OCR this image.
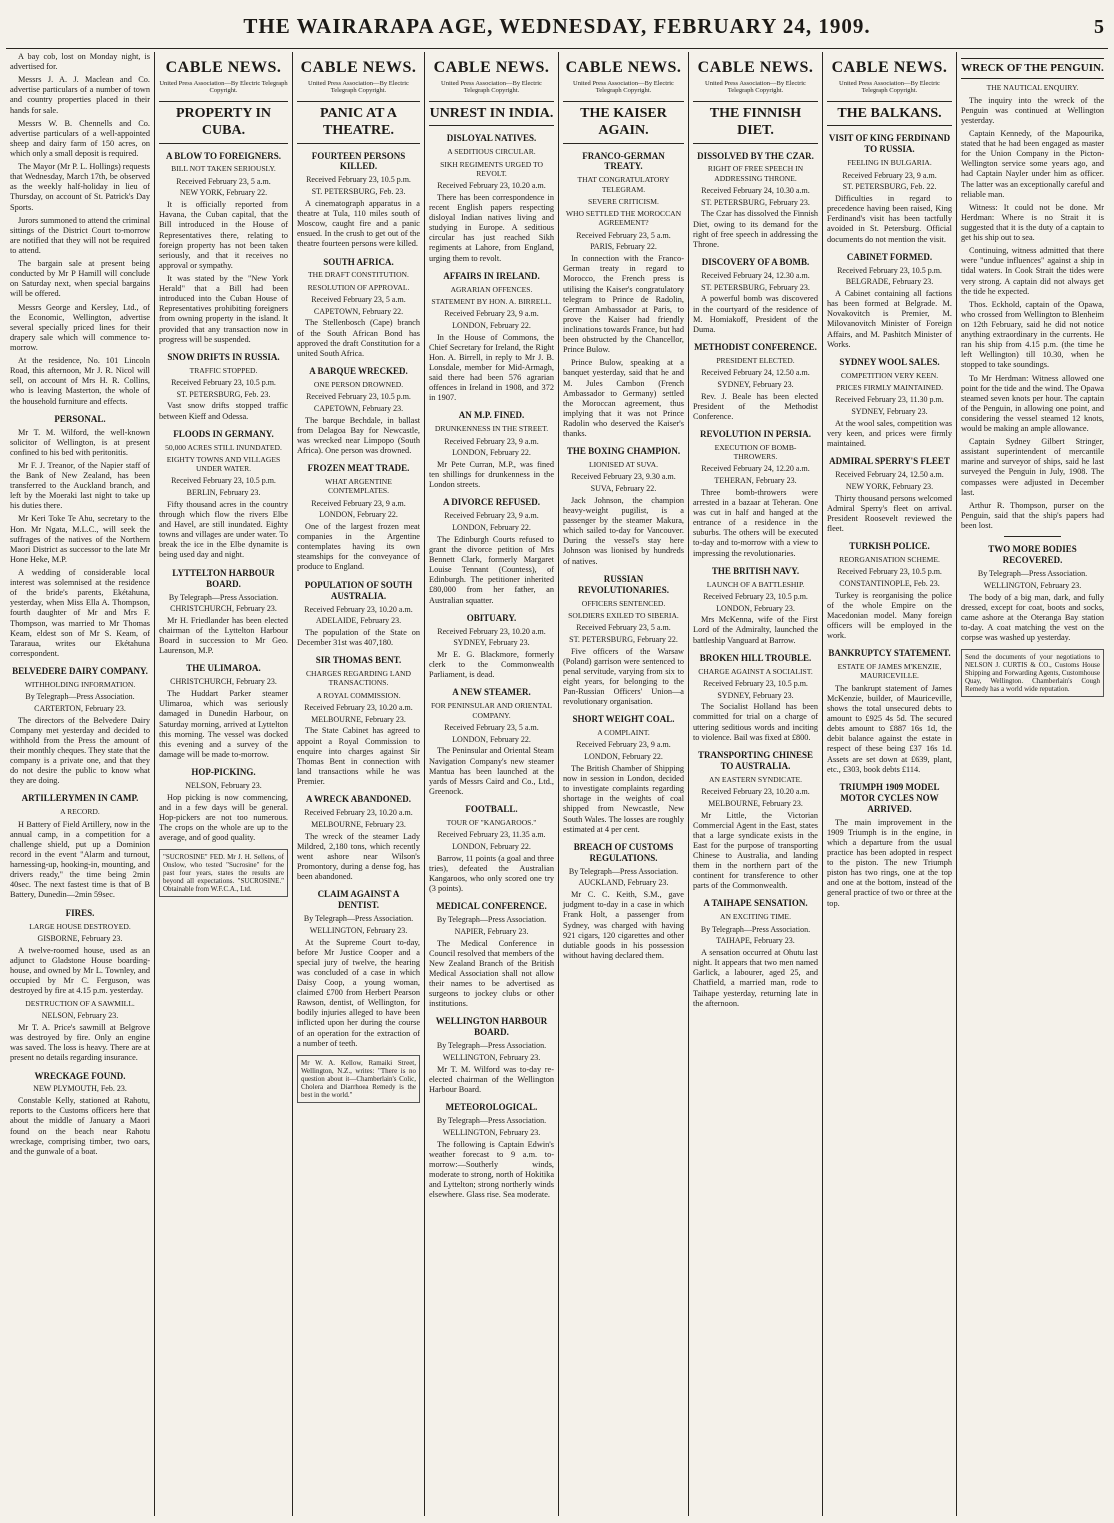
THE WAIRARAPA AGE, WEDNESDAY, FEBRUARY 24, 1909.	5

A bay cob, lost on Monday night, is advertised for.

Messrs J. A. J. Maclean and Co. advertise particulars of a number of town and country properties placed in their hands for sale.

Messrs W. B. Chennells and Co. advertise particulars of a well-appointed sheep and dairy farm of 150 acres, on which only a small deposit is required.

The Mayor (Mr P. L. Hollings) requests that Wednesday, March 17th, be observed as the weekly half-holiday in lieu of Thursday, on account of St. Patrick's Day Sports.

Jurors summoned to attend the criminal sittings of the District Court to-morrow are notified that they will not be required to attend.

The bargain sale at present being conducted by Mr P Hamill will conclude on Saturday next, when special bargains will be offered.

Messrs George and Kersley, Ltd., of the Economic, Wellington, advertise several specially priced lines for their drapery sale which will commence to-morrow.

At the residence, No. 101 Lincoln Road, this afternoon, Mr J. R. Nicol will sell, on account of Mrs H. R. Collins, who is leaving Masterton, the whole of the household furniture and effects.

PERSONAL.

Mr T. M. Wilford, the well-known solicitor of Wellington, is at present confined to his bed with peritonitis.

Mr F. J. Treanor, of the Napier staff of the Bank of New Zealand, has been transferred to the Auckland branch, and left by the Moeraki last night to take up his duties there.

Mr Keri Toke Te Ahu, secretary to the Hon. Mr Ngata, M.L.C., will seek the suffrages of the natives of the Northern Maori District as successor to the late Mr Hone Heke, M.P.

A wedding of considerable local interest was solemnised at the residence of the bride's parents, Ekétahuna, yesterday, when Miss Ella A. Thompson, fourth daughter of Mr and Mrs F. Thompson, was married to Mr Thomas Keam, eldest son of Mr S. Keam, of Tararaua, writes our Ekétahuna correspondent.

BELVEDERE DAIRY COMPANY.
WITHHOLDING INFORMATION.
By Telegraph—Press Association.
CARTERTON, February 23.

The directors of the Belvedere Dairy Company met yesterday and decided to withhold from the Press the amount of their monthly cheques. They state that the company is a private one, and that they do not desire the public to know what they are doing.

ARTILLERYMEN IN CAMP.
A RECORD.

H Battery of Field Artillery, now in the annual camp, in a competition for a challenge shield, put up a Dominion record in the event "Alarm and turnout, harnessing-up, hooking-in, mounting, and drivers ready," the time being 2min 40sec. The next fastest time is that of B Battery, Dunedin—2min 59sec.

FIRES.
LARGE HOUSE DESTROYED.
GISBORNE, February 23.

A twelve-roomed house, used as an adjunct to Gladstone House boarding-house, and owned by Mr L. Townley, and occupied by Mr C. Ferguson, was destroyed by fire at 4.15 p.m. yesterday.

DESTRUCTION OF A SAWMILL.
NELSON, February 23.

Mr T. A. Price's sawmill at Belgrove was destroyed by fire. Only an engine was saved. The loss is heavy. There are at present no details regarding insurance.

WRECKAGE FOUND.
NEW PLYMOUTH, Feb. 23.

Constable Kelly, stationed at Rahotu, reports to the Customs officers here that about the middle of January a Maori found on the beach near Rahotu wreckage, comprising timber, two oars, and the gunwale of a boat.

CABLE NEWS.
United Press Association—By Electric Telegraph Copyright.
PROPERTY IN CUBA.
A BLOW TO FOREIGNERS.
BILL NOT TAKEN SERIOUSLY.
Received February 23, 5 a.m.
NEW YORK, February 22.

It is officially reported from Havana, the Cuban capital, that the Bill introduced in the House of Representatives there, relating to foreign property has not been taken seriously, and that it receives no approval or sympathy.

It was stated by the "New York Herald" that a Bill had been introduced into the Cuban House of Representatives prohibiting foreigners from owning property in the island. It provided that any transaction now in progress will be suspended.

SNOW DRIFTS IN RUSSIA.
TRAFFIC STOPPED.
Received February 23, 10.5 p.m.
ST. PETERSBURG, Feb. 23.

Vast snow drifts stopped traffic between Kieff and Odessa.

FLOODS IN GERMANY.
50,000 ACRES STILL INUNDATED.
EIGHTY TOWNS AND VILLAGES UNDER WATER.
Received February 23, 10.5 p.m.
BERLIN, February 23.

Fifty thousand acres in the country through which flow the rivers Elbe and Havel, are still inundated. Eighty towns and villages are under water. To break the ice in the Elbe dynamite is being used day and night.

LYTTELTON HARBOUR BOARD.
By Telegraph—Press Association.
CHRISTCHURCH, February 23.

Mr H. Friedlander has been elected chairman of the Lyttelton Harbour Board in succession to Mr Geo. Laurenson, M.P.

THE ULIMAROA.
CHRISTCHURCH, February 23.

The Huddart Parker steamer Ulimaroa, which was seriously damaged in Dunedin Harbour, on Saturday morning, arrived at Lyttelton this morning. The vessel was docked this evening and a survey of the damage will be made to-morrow.

HOP-PICKING.
NELSON, February 23.

Hop picking is now commencing, and in a few days will be general. Hop-pickers are not too numerous. The crops on the whole are up to the average, and of good quality.

"SUCROSINE" FED. Mr J. H. Sellens, of Onslow, who tested "Sucrosine" for the past four years, states the results are beyond all expectations. "SUCROSINE." Obtainable from W.F.C.A., Ltd.
CABLE NEWS.
United Press Association—By Electric Telegraph Copyright.
PANIC AT A THEATRE.
FOURTEEN PERSONS KILLED.
Received February 23, 10.5 p.m.
ST. PETERSBURG, Feb. 23.

A cinematograph apparatus in a theatre at Tula, 110 miles south of Moscow, caught fire and a panic ensued. In the crush to get out of the theatre fourteen persons were killed.

SOUTH AFRICA.
THE DRAFT CONSTITUTION.
RESOLUTION OF APPROVAL.
Received February 23, 5 a.m.
CAPETOWN, February 22.

The Stellenbosch (Cape) branch of the South African Bond has approved the draft Constitution for a united South Africa.

A BARQUE WRECKED.
ONE PERSON DROWNED.
Received February 23, 10.5 p.m.
CAPETOWN, February 23.

The barque Bechdale, in ballast from Delagoa Bay for Newcastle, was wrecked near Limpopo (South Africa). One person was drowned.

FROZEN MEAT TRADE.
WHAT ARGENTINE CONTEMPLATES.
Received February 23, 9 a.m.
LONDON, February 22.

One of the largest frozen meat companies in the Argentine contemplates having its own steamships for the conveyance of produce to England.

POPULATION OF SOUTH AUSTRALIA.
Received February 23, 10.20 a.m.
ADELAIDE, February 23.

The population of the State on December 31st was 407,180.

SIR THOMAS BENT.
CHARGES REGARDING LAND TRANSACTIONS.
A ROYAL COMMISSION.
Received February 23, 10.20 a.m.
MELBOURNE, February 23.

The State Cabinet has agreed to appoint a Royal Commission to enquire into charges against Sir Thomas Bent in connection with land transactions while he was Premier.

A WRECK ABANDONED.
Received February 23, 10.20 a.m.
MELBOURNE, February 23.

The wreck of the steamer Lady Mildred, 2,180 tons, which recently went ashore near Wilson's Promontory, during a dense fog, has been abandoned.

CLAIM AGAINST A DENTIST.
By Telegraph—Press Association.
WELLINGTON, February 23.

At the Supreme Court to-day, before Mr Justice Cooper and a special jury of twelve, the hearing was concluded of a case in which Daisy Coop, a young woman, claimed £700 from Herbert Pearson Rawson, dentist, of Wellington, for bodily injuries alleged to have been inflicted upon her during the course of an operation for the extraction of a number of teeth.

Mr W. A. Kellow, Ramaiki Street, Wellington, N.Z., writes: "There is no question about it—Chamberlain's Colic, Cholera and Diarrhoea Remedy is the best in the world."
CABLE NEWS.
United Press Association—By Electric Telegraph Copyright.
UNREST IN INDIA.
DISLOYAL NATIVES.
A SEDITIOUS CIRCULAR.
SIKH REGIMENTS URGED TO REVOLT.
Received February 23, 10.20 a.m.

There has been correspondence in recent English papers respecting disloyal Indian natives living and studying in Europe. A seditious circular has just reached Sikh regiments at Lahore, from England, urging them to revolt.

AFFAIRS IN IRELAND.
AGRARIAN OFFENCES.
STATEMENT BY HON. A. BIRRELL.
Received February 23, 9 a.m.
LONDON, February 22.

In the House of Commons, the Chief Secretary for Ireland, the Right Hon. A. Birrell, in reply to Mr J. B. Lonsdale, member for Mid-Armagh, said there had been 576 agrarian offences in Ireland in 1908, and 372 in 1907.

AN M.P. FINED.
DRUNKENNESS IN THE STREET.
Received February 23, 9 a.m.
LONDON, February 22.

Mr Pete Curran, M.P., was fined ten shillings for drunkenness in the London streets.

A DIVORCE REFUSED.
Received February 23, 9 a.m.
LONDON, February 22.

The Edinburgh Courts refused to grant the divorce petition of Mrs Bennett Clark, formerly Margaret Louise Tennant (Countess), of Edinburgh. The petitioner inherited £80,000 from her father, an Australian squatter.

OBITUARY.
Received February 23, 10.20 a.m.
SYDNEY, February 23.

Mr E. G. Blackmore, formerly clerk to the Commonwealth Parliament, is dead.

A NEW STEAMER.
FOR PENINSULAR AND ORIENTAL COMPANY.
Received February 23, 5 a.m.
LONDON, February 22.

The Peninsular and Oriental Steam Navigation Company's new steamer Mantua has been launched at the yards of Messrs Caird and Co., Ltd., Greenock.

FOOTBALL.
TOUR OF "KANGAROOS."
Received February 23, 11.35 a.m.
LONDON, February 22.

Barrow, 11 points (a goal and three tries), defeated the Australian Kangaroos, who only scored one try (3 points).

MEDICAL CONFERENCE.
By Telegraph—Press Association.
NAPIER, February 23.

The Medical Conference in Council resolved that members of the New Zealand Branch of the British Medical Association shall not allow their names to be advertised as surgeons to jockey clubs or other institutions.

WELLINGTON HARBOUR BOARD.
By Telegraph—Press Association.
WELLINGTON, February 23.

Mr T. M. Wilford was to-day re-elected chairman of the Wellington Harbour Board.

METEOROLOGICAL.
By Telegraph—Press Association.
WELLINGTON, February 23.

The following is Captain Edwin's weather forecast to 9 a.m. to-morrow:—Southerly winds, moderate to strong, north of Hokitika and Lyttelton; strong northerly winds elsewhere. Glass rise. Sea moderate.

CABLE NEWS.
United Press Association—By Electric Telegraph Copyright.
THE KAISER AGAIN.
FRANCO-GERMAN TREATY.
THAT CONGRATULATORY TELEGRAM.
SEVERE CRITICISM.
WHO SETTLED THE MOROCCAN AGREEMENT?
Received February 23, 5 a.m.
PARIS, February 22.

In connection with the Franco-German treaty in regard to Morocco, the French press is utilising the Kaiser's congratulatory telegram to Prince de Radolin, German Ambassador at Paris, to prove the Kaiser had friendly inclinations towards France, but had been obstructed by the Chancellor, Prince Bulow.

Prince Bulow, speaking at a banquet yesterday, said that he and M. Jules Cambon (French Ambassador to Germany) settled the Moroccan agreement, thus implying that it was not Prince Radolin who deserved the Kaiser's thanks.

THE BOXING CHAMPION.
LIONISED AT SUVA.
Received February 23, 9.30 a.m.
SUVA, February 22.

Jack Johnson, the champion heavy-weight pugilist, is a passenger by the steamer Makura, which sailed to-day for Vancouver. During the vessel's stay here Johnson was lionised by hundreds of natives.

RUSSIAN REVOLUTIONARIES.
OFFICERS SENTENCED.
SOLDIERS EXILED TO SIBERIA.
Received February 23, 5 a.m.
ST. PETERSBURG, February 22.

Five officers of the Warsaw (Poland) garrison were sentenced to penal servitude, varying from six to eight years, for belonging to the Pan-Russian Officers' Union—a revolutionary organisation.

SHORT WEIGHT COAL.
A COMPLAINT.
Received February 23, 9 a.m.
LONDON, February 22.

The British Chamber of Shipping now in session in London, decided to investigate complaints regarding shortage in the weights of coal shipped from Newcastle, New South Wales. The losses are roughly estimated at 4 per cent.

BREACH OF CUSTOMS REGULATIONS.
By Telegraph—Press Association.
AUCKLAND, February 23.

Mr C. C. Keith, S.M., gave judgment to-day in a case in which Frank Holt, a passenger from Sydney, was charged with having 921 cigars, 120 cigarettes and other dutiable goods in his possession without having declared them.

CABLE NEWS.
United Press Association—By Electric Telegraph Copyright.
THE FINNISH DIET.
DISSOLVED BY THE CZAR.
RIGHT OF FREE SPEECH IN ADDRESSING THRONE.
Received February 24, 10.30 a.m.
ST. PETERSBURG, February 23.

The Czar has dissolved the Finnish Diet, owing to its demand for the right of free speech in addressing the Throne.

DISCOVERY OF A BOMB.
Received February 24, 12.30 a.m.
ST. PETERSBURG, February 23.

A powerful bomb was discovered in the courtyard of the residence of M. Homiakoff, President of the Duma.

METHODIST CONFERENCE.
PRESIDENT ELECTED.
Received February 24, 12.50 a.m.
SYDNEY, February 23.

Rev. J. Beale has been elected President of the Methodist Conference.

REVOLUTION IN PERSIA.
EXECUTION OF BOMB-THROWERS.
Received February 24, 12.20 a.m.
TEHERAN, February 23.

Three bomb-throwers were arrested in a bazaar at Teheran. One was cut in half and hanged at the entrance of a residence in the suburbs. The others will be executed to-day and to-morrow with a view to impressing the revolutionaries.

THE BRITISH NAVY.
LAUNCH OF A BATTLESHIP.
Received February 23, 10.5 p.m.
LONDON, February 23.

Mrs McKenna, wife of the First Lord of the Admiralty, launched the battleship Vanguard at Barrow.

BROKEN HILL TROUBLE.
CHARGE AGAINST A SOCIALIST.
Received February 23, 10.5 p.m.
SYDNEY, February 23.

The Socialist Holland has been committed for trial on a charge of uttering seditious words and inciting to violence. Bail was fixed at £800.

TRANSPORTING CHINESE TO AUSTRALIA.
AN EASTERN SYNDICATE.
Received February 23, 10.20 a.m.
MELBOURNE, February 23.

Mr Little, the Victorian Commercial Agent in the East, states that a large syndicate exists in the East for the purpose of transporting Chinese to Australia, and landing them in the northern part of the continent for transference to other parts of the Commonwealth.

A TAIHAPE SENSATION.
AN EXCITING TIME.
By Telegraph—Press Association.
TAIHAPE, February 23.

A sensation occurred at Ohutu last night. It appears that two men named Garlick, a labourer, aged 25, and Chatfield, a married man, rode to Taihape yesterday, returning late in the afternoon.

CABLE NEWS.
United Press Association—By Electric Telegraph Copyright.
THE BALKANS.
VISIT OF KING FERDINAND TO RUSSIA.
FEELING IN BULGARIA.
Received February 23, 9 a.m.
ST. PETERSBURG, Feb. 22.

Difficulties in regard to precedence having been raised, King Ferdinand's visit has been tactfully avoided in St. Petersburg. Official documents do not mention the visit.

CABINET FORMED.
Received February 23, 10.5 p.m.
BELGRADE, February 23.

A Cabinet containing all factions has been formed at Belgrade. M. Novakovitch is Premier, M. Milovanovitch Minister of Foreign Affairs, and M. Pashitch Minister of Works.

SYDNEY WOOL SALES.
COMPETITION VERY KEEN.
PRICES FIRMLY MAINTAINED.
Received February 23, 11.30 p.m.
SYDNEY, February 23.

At the wool sales, competition was very keen, and prices were firmly maintained.

ADMIRAL SPERRY'S FLEET
Received February 24, 12.50 a.m.
NEW YORK, February 23.

Thirty thousand persons welcomed Admiral Sperry's fleet on arrival. President Roosevelt reviewed the fleet.

TURKISH POLICE.
REORGANISATION SCHEME.
Received February 23, 10.5 p.m.
CONSTANTINOPLE, Feb. 23.

Turkey is reorganising the police of the whole Empire on the Macedonian model. Many foreign officers will be employed in the work.

BANKRUPTCY STATEMENT.
ESTATE OF JAMES M'KENZIE, MAURICEVILLE.

The bankrupt statement of James McKenzie, builder, of Mauriceville, shows the total unsecured debts to amount to £925 4s 5d. The secured debts amount to £887 16s 1d, the debit balance against the estate in respect of these being £37 16s 1d. Assets are set down at £639, plant, etc., £303, book debts £114.

TRIUMPH 1909 MODEL MOTOR CYCLES NOW ARRIVED.

The main improvement in the 1909 Triumph is in the engine, in which a departure from the usual practice has been adopted in respect to the piston. The new Triumph piston has two rings, one at the top and one at the bottom, instead of the general practice of two or three at the top.

WRECK OF THE PENGUIN.
THE NAUTICAL ENQUIRY.

The inquiry into the wreck of the Penguin was continued at Wellington yesterday.

Captain Kennedy, of the Mapourika, stated that he had been engaged as master for the Union Company in the Picton-Wellington service some years ago, and had Captain Nayler under him as officer. The latter was an exceptionally careful and reliable man.

Witness: It could not be done. Mr Herdman: Where is no Strait it is suggested that it is the duty of a captain to get his ship out to sea.

Continuing, witness admitted that there were "undue influences" against a ship in tidal waters. In Cook Strait the tides were very strong. A captain did not always get the tide he expected.

Thos. Eckhold, captain of the Opawa, who crossed from Wellington to Blenheim on 12th February, said he did not notice anything extraordinary in the currents. He ran his ship from 4.15 p.m. (the time he left Wellington) till 10.30, when he stopped to take soundings.

To Mr Herdman: Witness allowed one point for the tide and the wind. The Opawa steamed seven knots per hour. The captain of the Penguin, in allowing one point, and considering the vessel steamed 12 knots, would be making an ample allowance.

Captain Sydney Gilbert Stringer, assistant superintendent of mercantile marine and surveyor of ships, said he last surveyed the Penguin in July, 1908. The compasses were adjusted in December last.

Arthur R. Thompson, purser on the Penguin, said that the ship's papers had been lost.

TWO MORE BODIES RECOVERED.
By Telegraph—Press Association.
WELLINGTON, February 23.

The body of a big man, dark, and fully dressed, except for coat, boots and socks, came ashore at the Oteranga Bay station to-day. A coat matching the vest on the corpse was washed up yesterday.

Send the documents of your negotiations to NELSON J. CURTIS & CO., Customs House Shipping and Forwarding Agents, Customhouse Quay, Wellington. Chamberlain's Cough Remedy has a world wide reputation.
